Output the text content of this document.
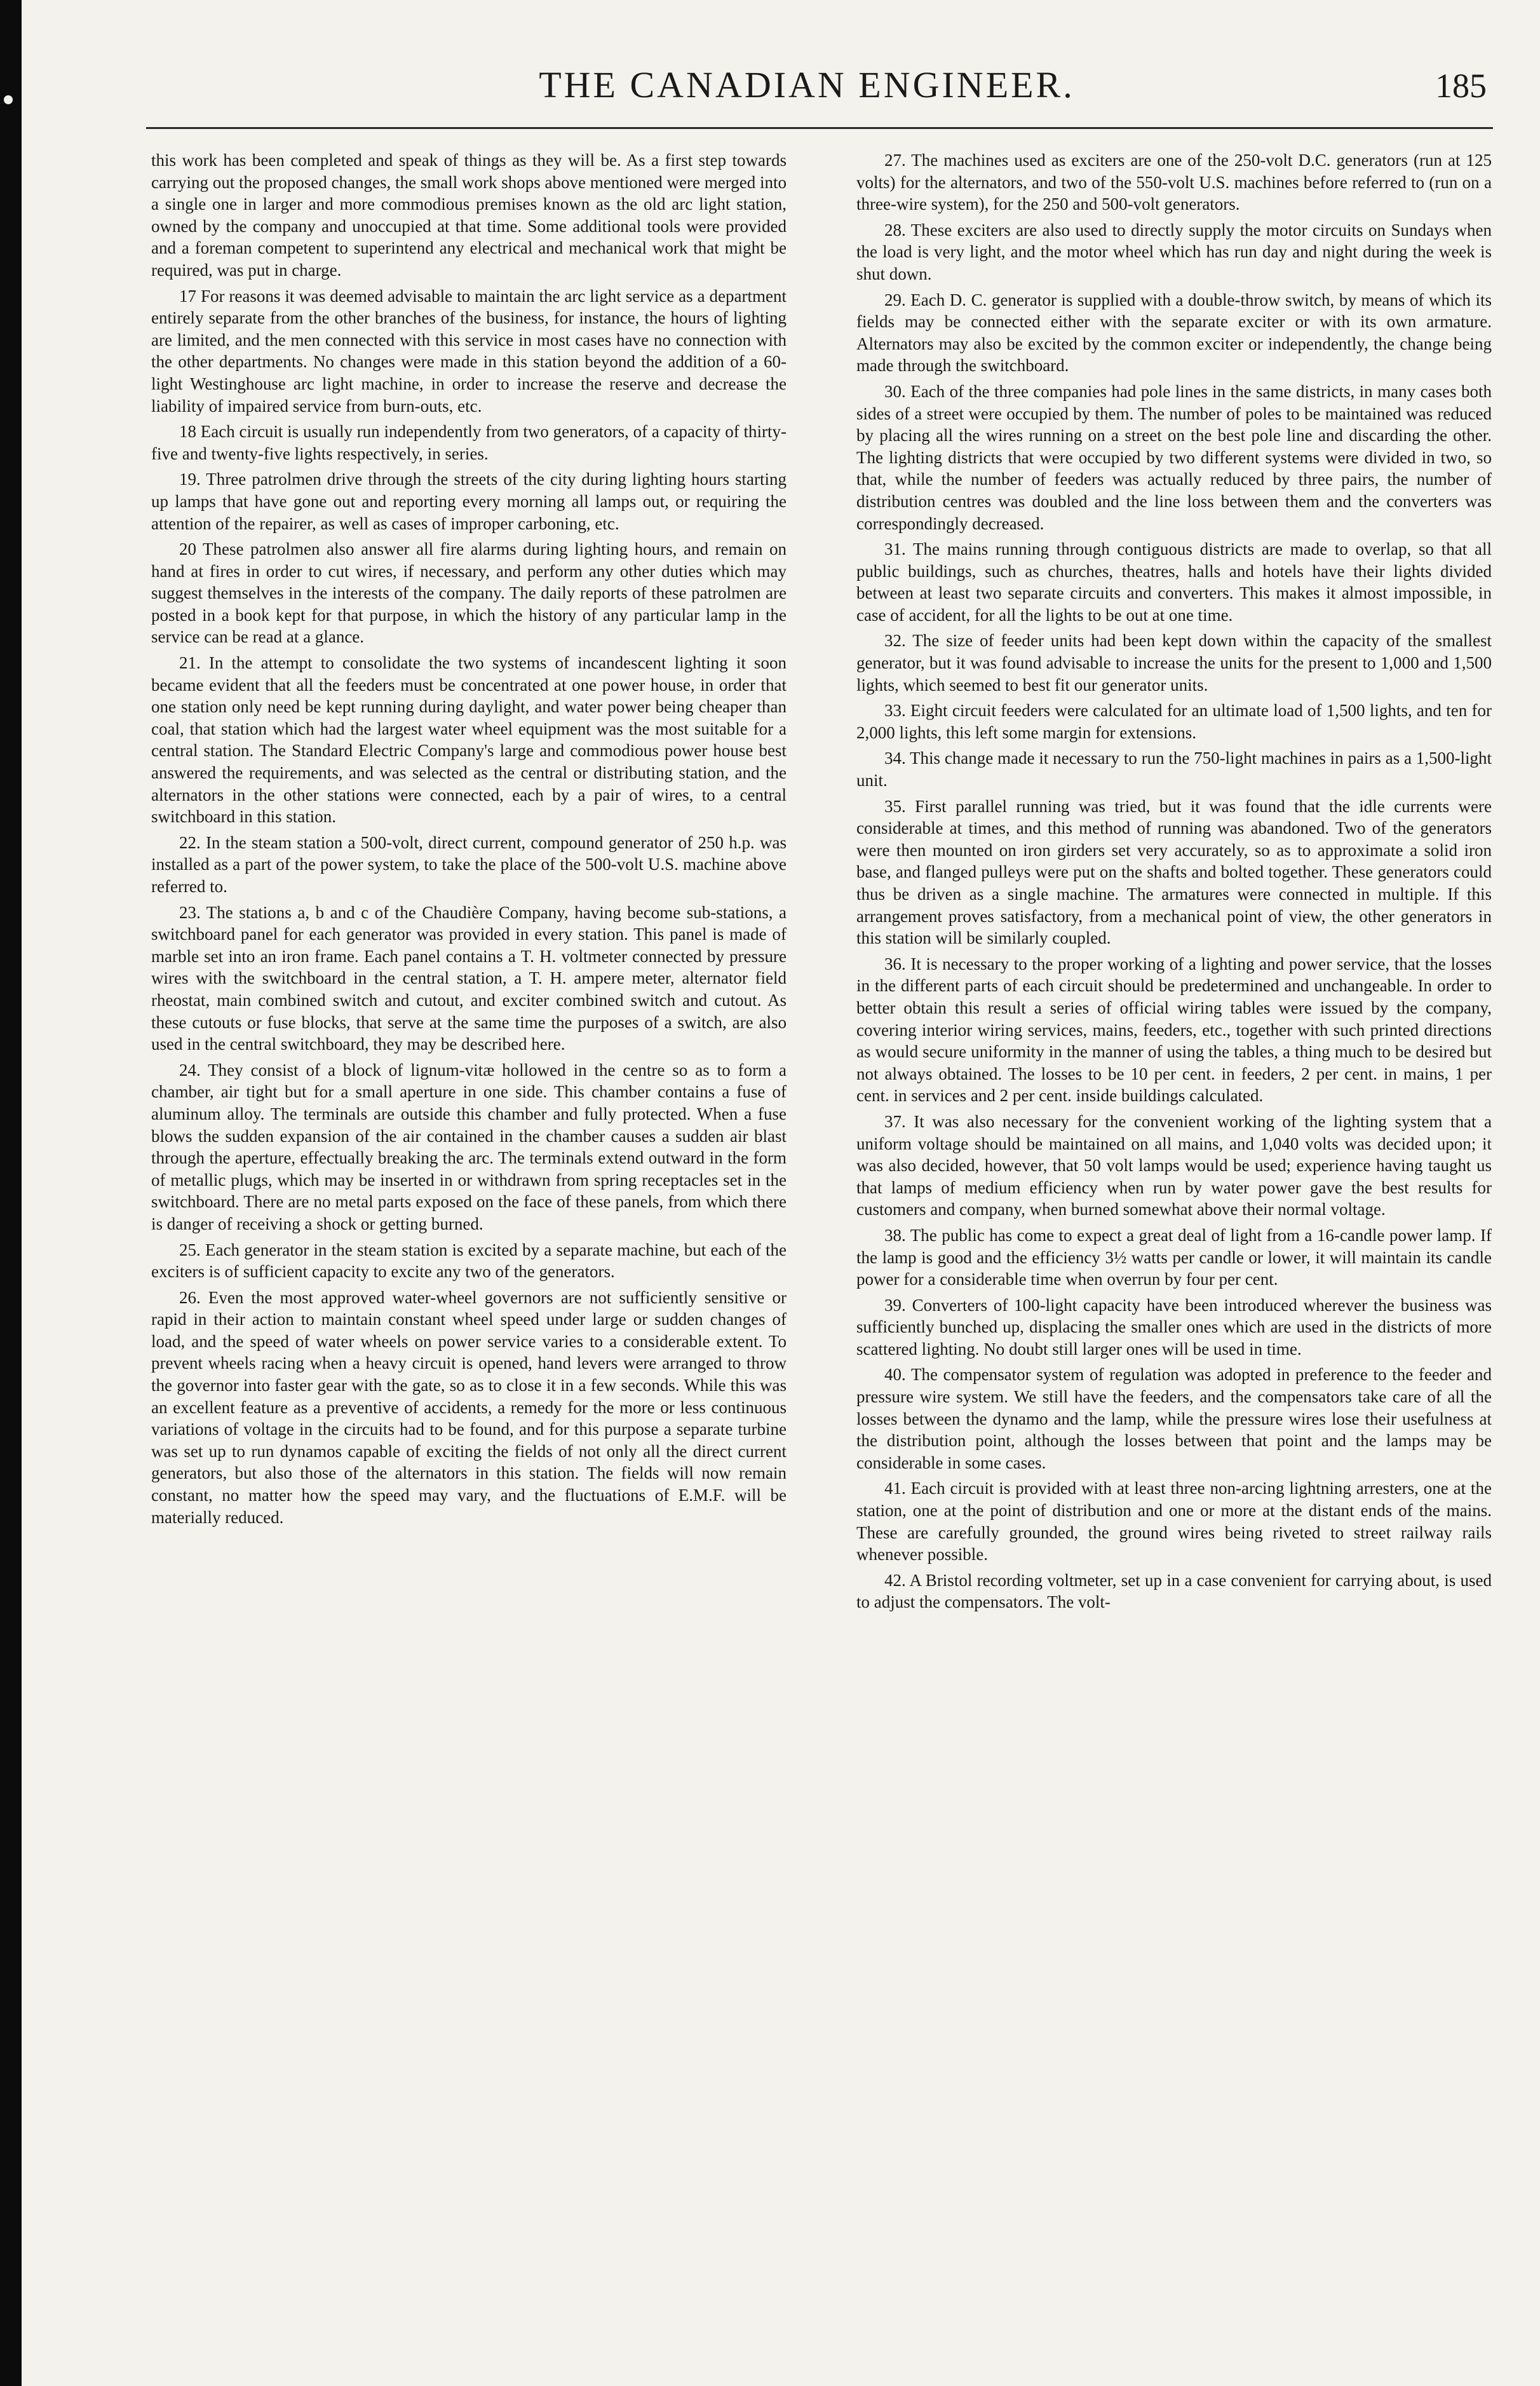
THE CANADIAN ENGINEER.	185

this work has been completed and speak of things as they will be. As a first step towards carrying out the proposed changes, the small work shops above mentioned were merged into a single one in larger and more commodious premises known as the old arc light station, owned by the company and unoccupied at that time. Some additional tools were provided and a foreman competent to superintend any electrical and mechanical work that might be required, was put in charge.

17 For reasons it was deemed advisable to maintain the arc light service as a department entirely separate from the other branches of the business, for instance, the hours of lighting are limited, and the men connected with this service in most cases have no connection with the other departments. No changes were made in this station beyond the addition of a 60-light Westinghouse arc light machine, in order to increase the reserve and decrease the liability of impaired service from burn-outs, etc.

18 Each circuit is usually run independently from two generators, of a capacity of thirty-five and twenty-five lights respectively, in series.

19. Three patrolmen drive through the streets of the city during lighting hours starting up lamps that have gone out and reporting every morning all lamps out, or requiring the attention of the repairer, as well as cases of improper carboning, etc.

20 These patrolmen also answer all fire alarms during lighting hours, and remain on hand at fires in order to cut wires, if necessary, and perform any other duties which may suggest themselves in the interests of the company. The daily reports of these patrolmen are posted in a book kept for that purpose, in which the history of any particular lamp in the service can be read at a glance.

21. In the attempt to consolidate the two systems of incandescent lighting it soon became evident that all the feeders must be concentrated at one power house, in order that one station only need be kept running during daylight, and water power being cheaper than coal, that station which had the largest water wheel equipment was the most suitable for a central station. The Standard Electric Company's large and commodious power house best answered the requirements, and was selected as the central or distributing station, and the alternators in the other stations were connected, each by a pair of wires, to a central switchboard in this station.

22. In the steam station a 500-volt, direct current, compound generator of 250 h.p. was installed as a part of the power system, to take the place of the 500-volt U.S. machine above referred to.

23. The stations a, b and c of the Chaudière Company, having become sub-stations, a switchboard panel for each generator was provided in every station. This panel is made of marble set into an iron frame. Each panel contains a T. H. voltmeter connected by pressure wires with the switchboard in the central station, a T. H. ampere meter, alternator field rheostat, main combined switch and cutout, and exciter combined switch and cutout. As these cutouts or fuse blocks, that serve at the same time the purposes of a switch, are also used in the central switchboard, they may be described here.

24. They consist of a block of lignum-vitæ hollowed in the centre so as to form a chamber, air tight but for a small aperture in one side. This chamber contains a fuse of aluminum alloy. The terminals are outside this chamber and fully protected. When a fuse blows the sudden expansion of the air contained in the chamber causes a sudden air blast through the aperture, effectually breaking the arc. The terminals extend outward in the form of metallic plugs, which may be inserted in or withdrawn from spring receptacles set in the switchboard. There are no metal parts exposed on the face of these panels, from which there is danger of receiving a shock or getting burned.

25. Each generator in the steam station is excited by a separate machine, but each of the exciters is of sufficient capacity to excite any two of the generators.

26. Even the most approved water-wheel governors are not sufficiently sensitive or rapid in their action to maintain constant wheel speed under large or sudden changes of load, and the speed of water wheels on power service varies to a considerable extent. To prevent wheels racing when a heavy circuit is opened, hand levers were arranged to throw the governor into faster gear with the gate, so as to close it in a few seconds. While this was an excellent feature as a preventive of accidents, a remedy for the more or less continuous variations of voltage in the circuits had to be found, and for this purpose a separate turbine was set up to run dynamos capable of exciting the fields of not only all the direct current generators, but also those of the alternators in this station. The fields will now remain constant, no matter how the speed may vary, and the fluctuations of E.M.F. will be materially reduced.

27. The machines used as exciters are one of the 250-volt D.C. generators (run at 125 volts) for the alternators, and two of the 550-volt U.S. machines before referred to (run on a three-wire system), for the 250 and 500-volt generators.

28. These exciters are also used to directly supply the motor circuits on Sundays when the load is very light, and the motor wheel which has run day and night during the week is shut down.

29. Each D. C. generator is supplied with a double-throw switch, by means of which its fields may be connected either with the separate exciter or with its own armature. Alternators may also be excited by the common exciter or independently, the change being made through the switchboard.

30. Each of the three companies had pole lines in the same districts, in many cases both sides of a street were occupied by them. The number of poles to be maintained was reduced by placing all the wires running on a street on the best pole line and discarding the other. The lighting districts that were occupied by two different systems were divided in two, so that, while the number of feeders was actually reduced by three pairs, the number of distribution centres was doubled and the line loss between them and the converters was correspondingly decreased.

31. The mains running through contiguous districts are made to overlap, so that all public buildings, such as churches, theatres, halls and hotels have their lights divided between at least two separate circuits and converters. This makes it almost impossible, in case of accident, for all the lights to be out at one time.

32. The size of feeder units had been kept down within the capacity of the smallest generator, but it was found advisable to increase the units for the present to 1,000 and 1,500 lights, which seemed to best fit our generator units.

33. Eight circuit feeders were calculated for an ultimate load of 1,500 lights, and ten for 2,000 lights, this left some margin for extensions.

34. This change made it necessary to run the 750-light machines in pairs as a 1,500-light unit.

35. First parallel running was tried, but it was found that the idle currents were considerable at times, and this method of running was abandoned. Two of the generators were then mounted on iron girders set very accurately, so as to approximate a solid iron base, and flanged pulleys were put on the shafts and bolted together. These generators could thus be driven as a single machine. The armatures were connected in multiple. If this arrangement proves satisfactory, from a mechanical point of view, the other generators in this station will be similarly coupled.

36. It is necessary to the proper working of a lighting and power service, that the losses in the different parts of each circuit should be predetermined and unchangeable. In order to better obtain this result a series of official wiring tables were issued by the company, covering interior wiring services, mains, feeders, etc., together with such printed directions as would secure uniformity in the manner of using the tables, a thing much to be desired but not always obtained. The losses to be 10 per cent. in feeders, 2 per cent. in mains, 1 per cent. in services and 2 per cent. inside buildings calculated.

37. It was also necessary for the convenient working of the lighting system that a uniform voltage should be maintained on all mains, and 1,040 volts was decided upon; it was also decided, however, that 50 volt lamps would be used; experience having taught us that lamps of medium efficiency when run by water power gave the best results for customers and company, when burned somewhat above their normal voltage.

38. The public has come to expect a great deal of light from a 16-candle power lamp. If the lamp is good and the efficiency 3½ watts per candle or lower, it will maintain its candle power for a considerable time when overrun by four per cent.

39. Converters of 100-light capacity have been introduced wherever the business was sufficiently bunched up, displacing the smaller ones which are used in the districts of more scattered lighting. No doubt still larger ones will be used in time.

40. The compensator system of regulation was adopted in preference to the feeder and pressure wire system. We still have the feeders, and the compensators take care of all the losses between the dynamo and the lamp, while the pressure wires lose their usefulness at the distribution point, although the losses between that point and the lamps may be considerable in some cases.

41. Each circuit is provided with at least three non-arcing lightning arresters, one at the station, one at the point of distribution and one or more at the distant ends of the mains. These are carefully grounded, the ground wires being riveted to street railway rails whenever possible.

42. A Bristol recording voltmeter, set up in a case convenient for carrying about, is used to adjust the compensators. The volt-
